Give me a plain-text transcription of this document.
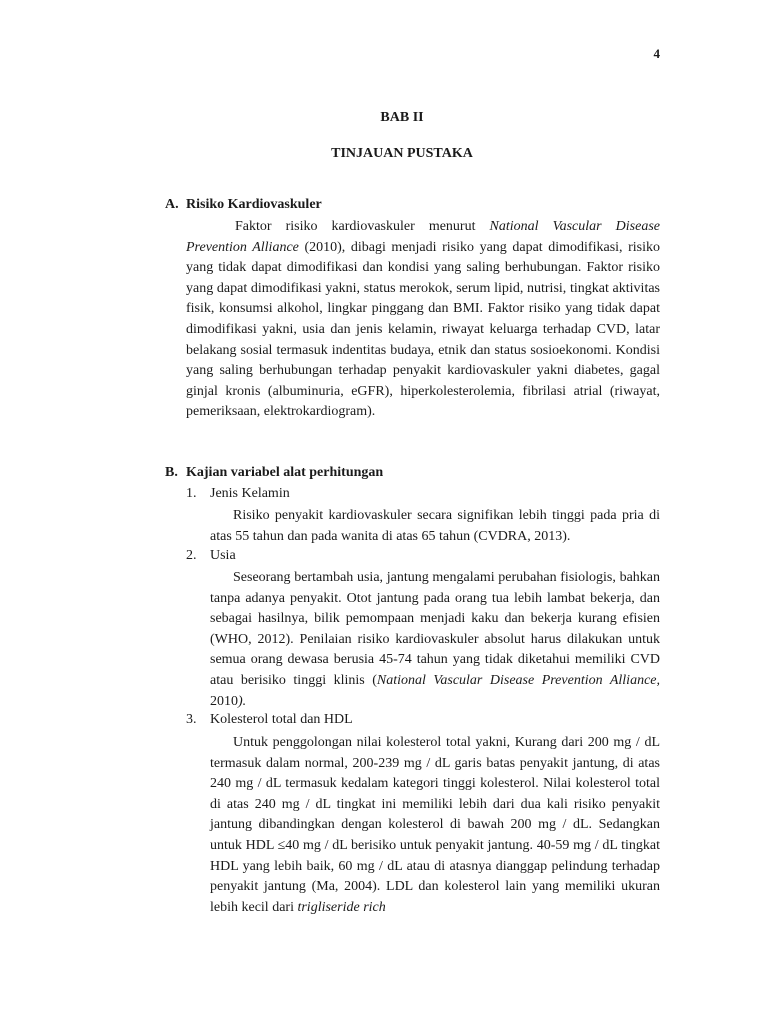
4
BAB II
TINJAUAN PUSTAKA
A. Risiko Kardiovaskuler

Faktor risiko kardiovaskuler menurut National Vascular Disease Prevention Alliance (2010), dibagi menjadi risiko yang dapat dimodifikasi, risiko yang tidak dapat dimodifikasi dan kondisi yang saling berhubungan. Faktor risiko yang dapat dimodifikasi yakni, status merokok, serum lipid, nutrisi, tingkat aktivitas fisik, konsumsi alkohol, lingkar pinggang dan BMI. Faktor risiko yang tidak dapat dimodifikasi yakni, usia dan jenis kelamin, riwayat keluarga terhadap CVD, latar belakang sosial termasuk indentitas budaya, etnik dan status sosioekonomi. Kondisi yang saling berhubungan terhadap penyakit kardiovaskuler yakni diabetes, gagal ginjal kronis (albuminuria, eGFR), hiperkolesterolemia, fibrilasi atrial (riwayat, pemeriksaan, elektrokardiogram).

B. Kajian variabel alat perhitungan
1. Jenis Kelamin

Risiko penyakit kardiovaskuler secara signifikan lebih tinggi pada pria di atas 55 tahun dan pada wanita di atas 65 tahun (CVDRA, 2013).

2. Usia

Seseorang bertambah usia, jantung mengalami perubahan fisiologis, bahkan tanpa adanya penyakit. Otot jantung pada orang tua lebih lambat bekerja, dan sebagai hasilnya, bilik pemompaan menjadi kaku dan bekerja kurang efisien (WHO, 2012). Penilaian risiko kardiovaskuler absolut harus dilakukan untuk semua orang dewasa berusia 45-74 tahun yang tidak diketahui memiliki CVD atau berisiko tinggi klinis (National Vascular Disease Prevention Alliance, 2010).

3. Kolesterol total dan HDL

Untuk penggolongan nilai kolesterol total yakni, Kurang dari 200 mg / dL termasuk dalam normal, 200-239 mg / dL garis batas penyakit jantung, di atas 240 mg / dL termasuk kedalam kategori tinggi kolesterol. Nilai kolesterol total di atas 240 mg / dL tingkat ini memiliki lebih dari dua kali risiko penyakit jantung dibandingkan dengan kolesterol di bawah 200 mg / dL. Sedangkan untuk HDL ≤40 mg / dL berisiko untuk penyakit jantung. 40-59 mg / dL tingkat HDL yang lebih baik, 60 mg / dL atau di atasnya dianggap pelindung terhadap penyakit jantung (Ma, 2004). LDL dan kolesterol lain yang memiliki ukuran lebih kecil dari trigliseride rich
